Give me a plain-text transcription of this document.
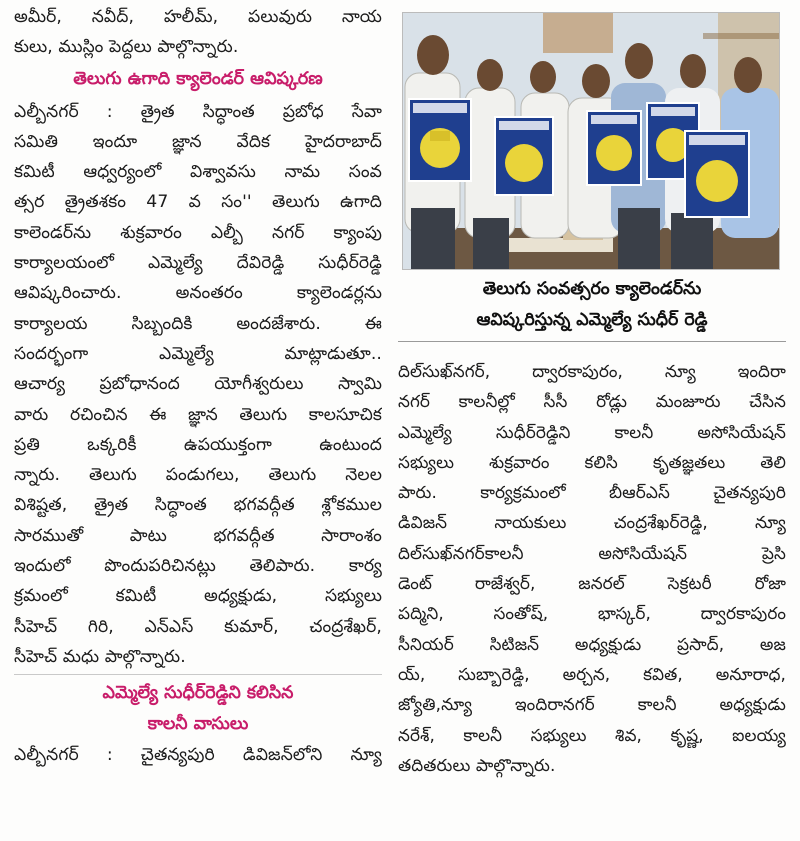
అమీర్‌, నవీద్‌, హలీమ్‌, పలువురు నాయ
కులు, ముస్లిం పెద్దలు పాల్గొన్నారు.
తెలుగు ఉగాది క్యాలెండర్‌ ఆవిష్కరణ
ఎల్బీనగర్‌ : త్రైత సిద్ధాంత ప్రబోధ సేవా
సమితి ఇందూ జ్ఞాన వేదిక హైదరాబాద్‌
కమిటీ ఆధ్వర్యంలో విశ్వావసు నామ సంవ
త్సర త్రైతశకం 47 వ సం'' తెలుగు ఉగాది
కాలెండర్‌ను శుక్రవారం ఎల్బీ నగర్‌ క్యాంపు
కార్యాలయంలో ఎమ్మెల్యే దేవిరెడ్డి సుధీర్‌రెడ్డి
ఆవిష్కరించారు. అనంతరం క్యాలెండర్లను
కార్యాలయ సిబ్బందికి అందజేశారు. ఈ
సందర్భంగా ఎమ్మెల్యే మాట్లాడుతూ..
ఆచార్య ప్రబోధానంద యోగీశ్వరులు స్వామి
వారు రచించిన ఈ జ్ఞాన తెలుగు కాలసూచిక
ప్రతి ఒక్కరికీ ఉపయుక్తంగా ఉంటుంద
న్నారు. తెలుగు పండుగలు, తెలుగు నెలల
విశిష్టత, త్రైత సిద్ధాంత భగవద్గీత శ్లోకముల
సారముతో పాటు భగవద్గీత సారాంశం
ఇందులో పొందుపరిచినట్లు తెలిపారు. కార్య
క్రమంలో కమిటీ అధ్యక్షుడు, సభ్యులు
సీహెచ్‌ గిరి, ఎన్‌ఎస్‌ కుమార్‌, చంద్రశేఖర్‌,
సీహెచ్‌ మధు పాల్గొన్నారు.
ఎమ్మెల్యే సుధీర్‌రెడ్డిని కలిసిన
కాలనీ వాసులు
ఎల్బీనగర్‌ : చైతన్యపురి డివిజన్‌లోని న్యూ
తెలుగు సంవత్సరం క్యాలెండర్‌ను
ఆవిష్కరిస్తున్న ఎమ్మెల్యే సుధీర్‌ రెడ్డి
దిల్‌సుఖ్‌నగర్‌, ద్వారకాపురం, న్యూ ఇందిరా
నగర్‌ కాలనీల్లో సీసీ రోడ్లు మంజూరు చేసిన
ఎమ్మెల్యే సుధీర్‌రెడ్డిని కాలనీ అసోసియేషన్‌
సభ్యులు శుక్రవారం కలిసి కృతజ్ఞతలు తెలి
పారు. కార్యక్రమంలో బీఆర్‌ఎస్‌ చైతన్యపురి
డివిజన్‌ నాయకులు చంద్రశేఖర్‌రెడ్డి, న్యూ
దిల్‌సుఖ్‌నగర్‌కాలనీ అసోసియేషన్‌ ప్రెసి
డెంట్‌ రాజేశ్వర్‌, జనరల్‌ సెక్రటరీ రోజా
పద్మిని, సంతోష్‌, భాస్కర్‌, ద్వారకాపురం
సీనియర్‌ సిటిజన్‌ అధ్యక్షుడు ప్రసాద్‌, అజ
య్‌, సుబ్బారెడ్డి, అర్చన, కవిత, అనూరాధ,
జ్యోతి,న్యూ ఇందిరానగర్‌ కాలనీ అధ్యక్షుడు
నరేశ్‌, కాలనీ సభ్యులు శివ, కృష్ణ, ఐలయ్య
తదితరులు పాల్గొన్నారు.
